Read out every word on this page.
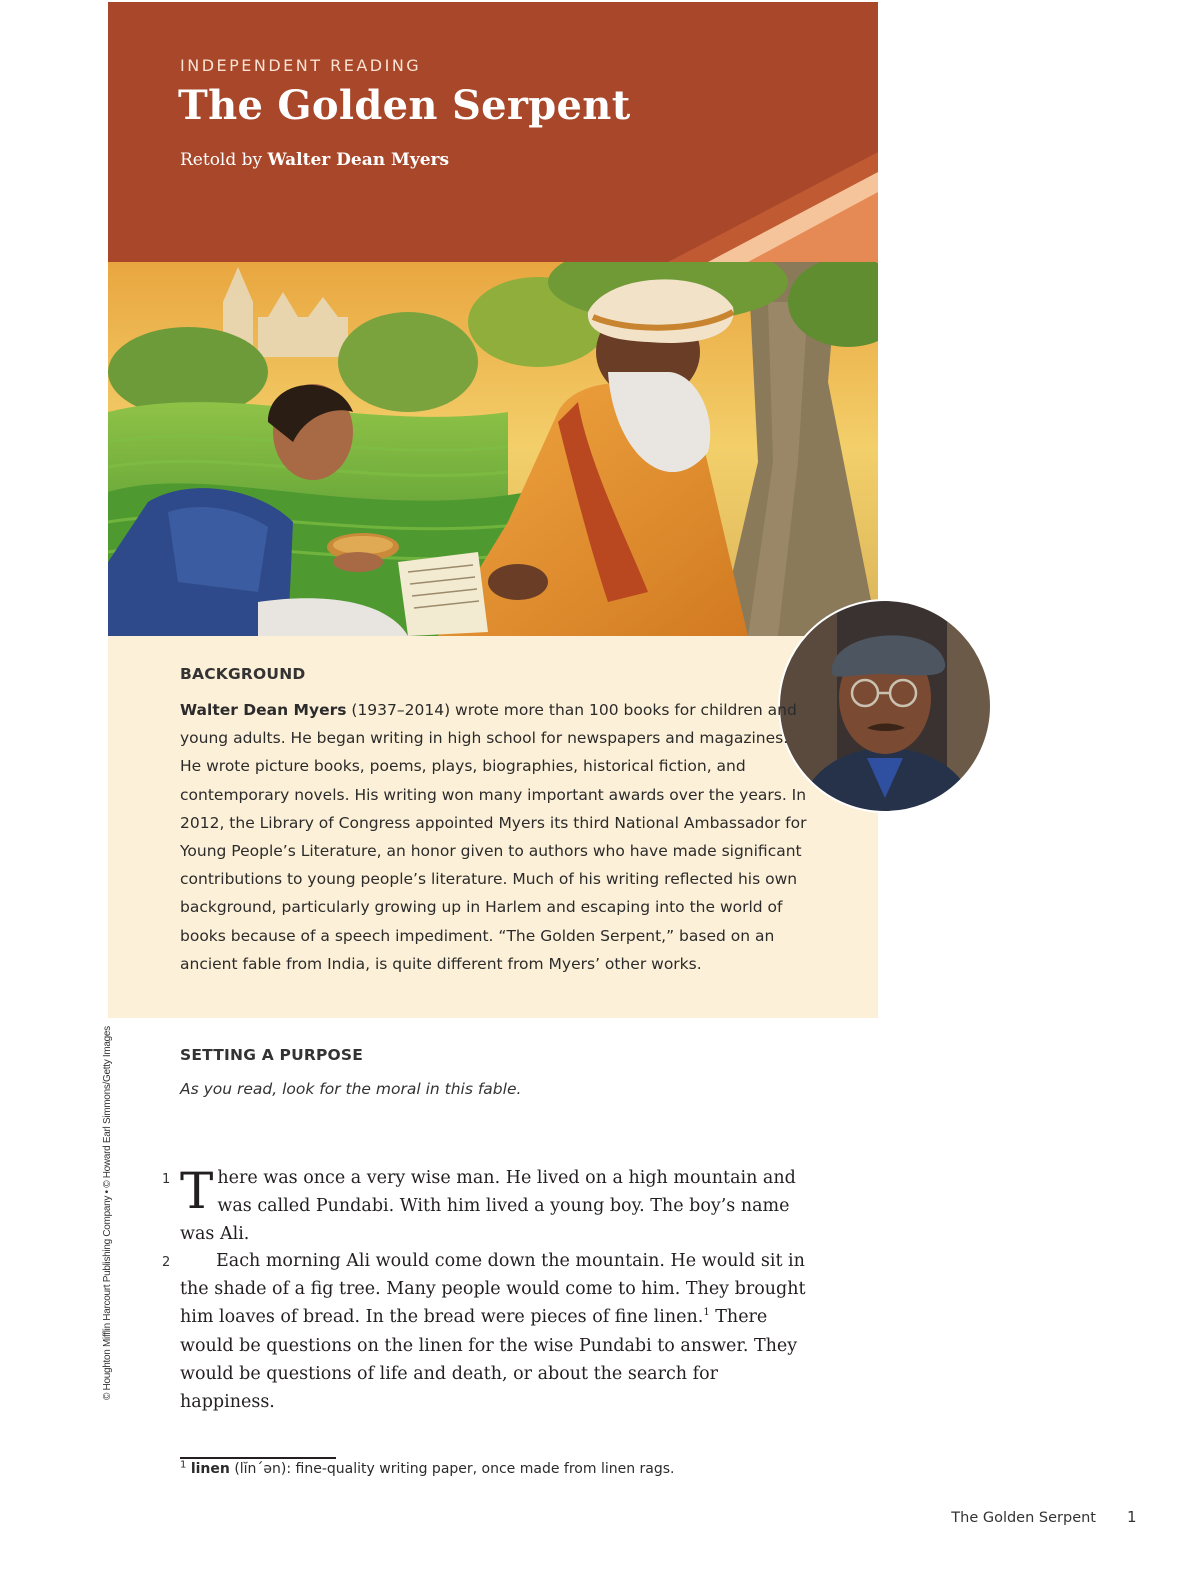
INDEPENDENT READING
The Golden Serpent
Retold by Walter Dean Myers
BACKGROUND
Walter Dean Myers (1937–2014) wrote more than 100 books for children and young adults. He began writing in high school for newspapers and magazines. He wrote picture books, poems, plays, biographies, historical fiction, and contemporary novels. His writing won many important awards over the years. In 2012, the Library of Congress appointed Myers its third National Ambassador for Young People’s Literature, an honor given to authors who have made significant contributions to young people’s literature. Much of his writing reflected his own background, particularly growing up in Harlem and escaping into the world of books because of a speech impediment. “The Golden Serpent,” based on an ancient fable from India, is quite different from Myers’ other works.
SETTING A PURPOSE
As you read, look for the moral in this fable.
1 There was once a very wise man. He lived on a high mountain and was called Pundabi. With him lived a young boy. The boy’s name was Ali.
2	Each morning Ali would come down the mountain. He would sit in the shade of a fig tree. Many people would come to him. They brought him loaves of bread. In the bread were pieces of fine linen.$^1$ There would be questions on the linen for the wise Pundabi to answer. They would be questions of life and death, or about the search for happiness.
$^1$ linen (lĭn´ən): fine-quality writing paper, once made from linen rags.
© Houghton Mifflin Harcourt Publishing Company • © Howard Earl Simmons/Getty Images
The Golden Serpent 1
